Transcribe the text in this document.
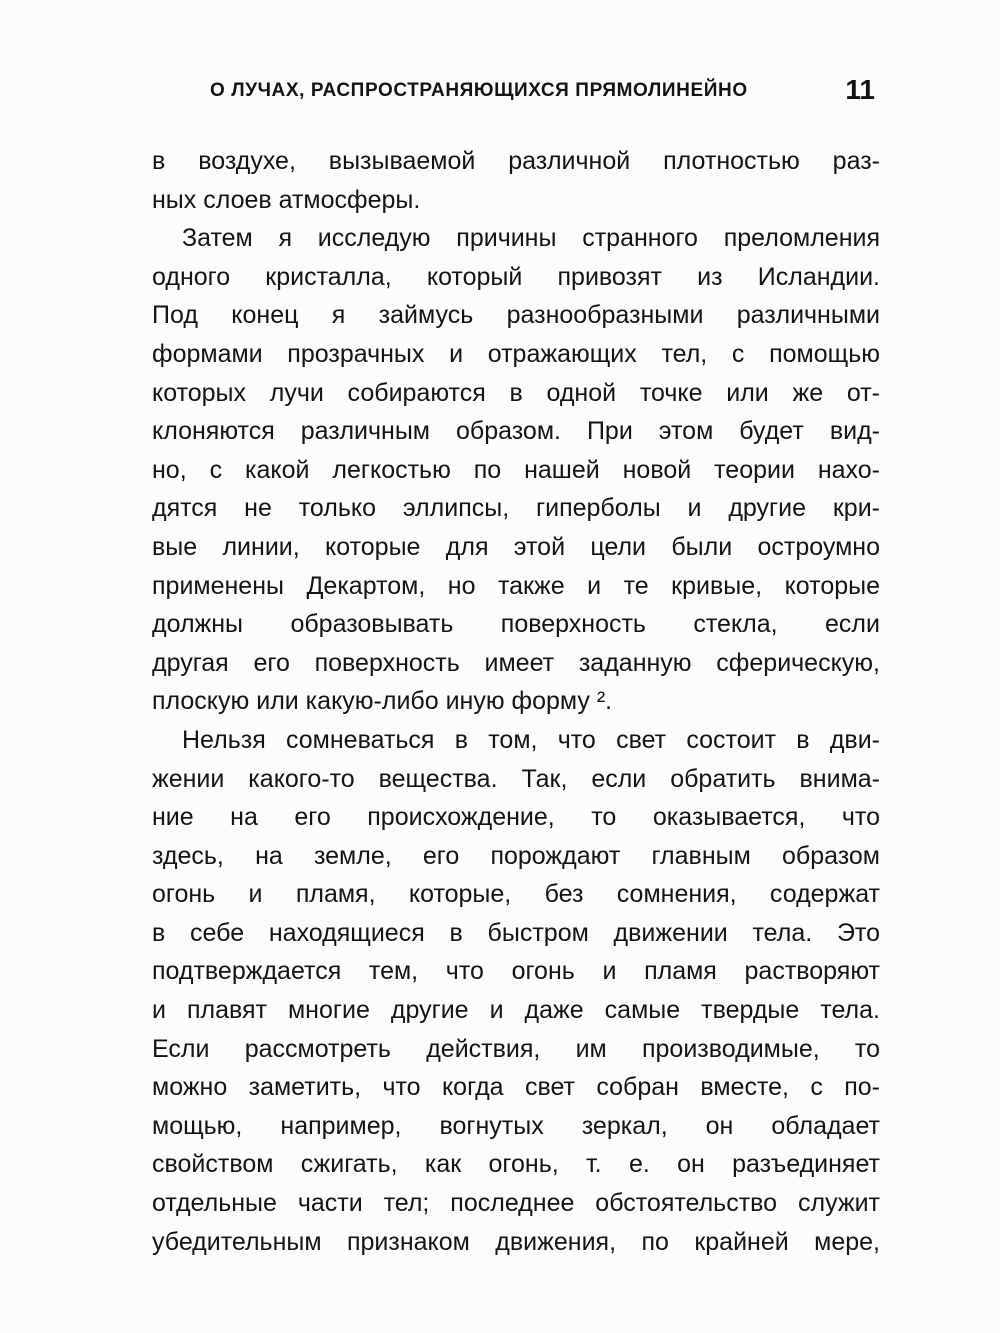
О ЛУЧАХ, РАСПРОСТРАНЯЮЩИХСЯ ПРЯМОЛИНЕЙНО	11
в воздухе, вызываемой различной плотностью раз-
ных слоев атмосферы.
Затем я исследую причины странного преломления
одного кристалла, который привозят из Исландии.
Под конец я займусь разнообразными различными
формами прозрачных и отражающих тел, с помощью
которых лучи собираются в одной точке или же от-
клоняются различным образом. При этом будет вид-
но, с какой легкостью по нашей новой теории нахо-
дятся не только эллипсы, гиперболы и другие кри-
вые линии, которые для этой цели были остроумно
применены Декартом, но также и те кривые, которые
должны образовывать поверхность стекла, если
другая его поверхность имеет заданную сферическую,
плоскую или какую-либо иную форму ².
Нельзя сомневаться в том, что свет состоит в дви-
жении какого-то вещества. Так, если обратить внима-
ние на его происхождение, то оказывается, что
здесь, на земле, его порождают главным образом
огонь и пламя, которые, без сомнения, содержат
в себе находящиеся в быстром движении тела. Это
подтверждается тем, что огонь и пламя растворяют
и плавят многие другие и даже самые твердые тела.
Если рассмотреть действия, им производимые, то
можно заметить, что когда свет собран вместе, с по-
мощью, например, вогнутых зеркал, он обладает
свойством сжигать, как огонь, т. е. он разъединяет
отдельные части тел; последнее обстоятельство служит
убедительным признаком движения, по крайней мере,
